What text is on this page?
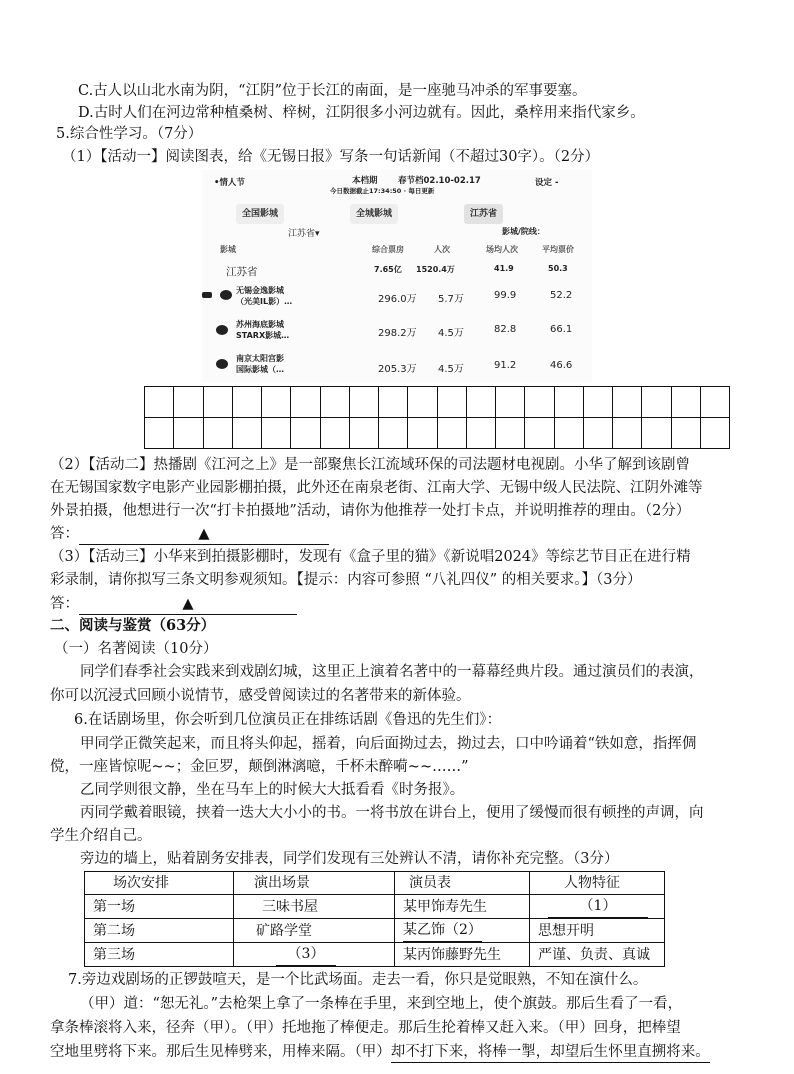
C.古人以山北水南为阴，“江阴”位于长江的南面，是一座驰马冲杀的军事要塞。
D.古时人们在河边常种植桑树、梓树，江阴很多小河边就有。因此，桑梓用来指代家乡。
5.综合性学习。（7分）
（1）【活动一】阅读图表，给《无锡日报》写条一句话新闻（不超过30字）。（2分）
•情人节	本档期 春节档02.10-02.17
今日数据截止17:34:50 · 每日更新
设定 -
全国影城	全城影城	江苏省
江苏省▾	影城/院线：
影城	综合票房	人次	场均人次	平均票价
江苏省	7.65亿 1520.4万	41.9	50.3
无锡金逸影城
（光美IL影）…	296.0万 5.7万	99.9	52.2
苏州海底影城
STARX影城…	298.2万 4.5万	82.8	66.1
南京太阳宫影
国际影城（…	205.3万 4.5万	91.2	46.6
（2）【活动二】热播剧《江河之上》是一部聚焦长江流域环保的司法题材电视剧。小华了解到该剧曾
在无锡国家数字电影产业园影棚拍摄，此外还在南泉老街、江南大学、无锡中级人民法院、江阴外滩等
外景拍摄，他想进行一次“打卡拍摄地”活动，请你为他推荐一处打卡点，并说明推荐的理由。（2分）
答：	▲
（3）【活动三】小华来到拍摄影棚时，发现有《盒子里的猫》《新说唱2024》等综艺节目正在进行精
彩录制，请你拟写三条文明参观须知。【提示：内容可参照 “八礼四仪” 的相关要求。】（3分）
答：	▲
二、阅读与鉴赏（63分）
（一）名著阅读（10分）
同学们春季社会实践来到戏剧幻城，这里正上演着名著中的一幕幕经典片段。通过演员们的表演，
你可以沉浸式回顾小说情节，感受曾阅读过的名著带来的新体验。
6.在话剧场里，你会听到几位演员正在排练话剧《鲁迅的先生们》：
甲同学正微笑起来，而且将头仰起，摇着，向后面拗过去，拗过去，口中吟诵着“铁如意，指挥倜
傥，一座皆惊呢~~；金叵罗，颠倒淋漓噫，千杯未醉嗬~~……”
乙同学则很文静，坐在马车上的时候大大抵看看《时务报》。
丙同学戴着眼镜，挟着一迭大大小小的书。一将书放在讲台上，便用了缓慢而很有顿挫的声调，向
学生介绍自己。
旁边的墙上，贴着剧务安排表，同学们发现有三处辨认不清，请你补充完整。（3分）
场次安排	演出场景	演员表	人物特征
第一场	三味书屋	某甲饰寿先生	（1）
第二场	矿路学堂	某乙饰（2）	思想开明
第三场	（3）	某丙饰藤野先生	严谨、负责、真诚
7.旁边戏剧场的正锣鼓喧天，是一个比武场面。走去一看，你只是觉眼熟，不知在演什么。
（甲）道：“恕无礼。”去枪架上拿了一条棒在手里，来到空地上，使个旗鼓。那后生看了一看，
拿条棒滚将入来，径奔（甲）。（甲）托地拖了棒便走。那后生抡着棒又赶入来。（甲）回身，把棒望
空地里劈将下来。那后生见棒劈来，用棒来隔。（甲）却不打下来，将棒一掣，却望后生怀里直搠将来。
